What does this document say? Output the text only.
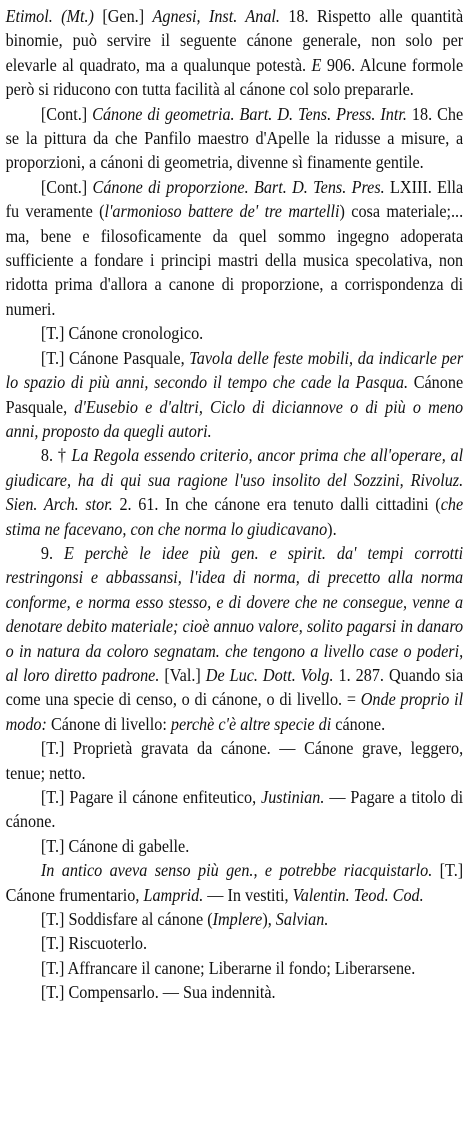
Etimol. (Mt.) [Gen.] Agnesi, Inst. Anal. 18. Rispetto alle quantità binomie, può servire il seguente cánone generale, non solo per elevarle al quadrato, ma a qualunque potestà. E 906. Alcune formole però si riducono con tutta facilità al cánone col solo prepararle.

[Cont.] Cánone di geometria. Bart. D. Tens. Press. Intr. 18. Che se la pittura da che Panfilo maestro d'Apelle la ridusse a misure, a proporzioni, a cánoni di geometria, divenne sì finamente gentile.

[Cont.] Cánone di proporzione. Bart. D. Tens. Pres. LXIII. Ella fu veramente (l'armonioso battere de' tre martelli) cosa materiale;... ma, bene e filosoficamente da quel sommo ingegno adoperata sufficiente a fondare i principi mastri della musica specolativa, non ridotta prima d'allora a canone di proporzione, a corrispondenza di numeri.

[T.] Cánone cronologico.

[T.] Cánone Pasquale, Tavola delle feste mobili, da indicarle per lo spazio di più anni, secondo il tempo che cade la Pasqua. Cánone Pasquale, d'Eusebio e d'altri, Ciclo di diciannove o di più o meno anni, proposto da quegli autori.

8. † La Regola essendo criterio, ancor prima che all'operare, al giudicare, ha di qui sua ragione l'uso insolito del Sozzini, Rivoluz. Sien. Arch. stor. 2. 61. In che cánone era tenuto dalli cittadini (che stima ne facevano, con che norma lo giudicavano).

9. E perchè le idee più gen. e spirit. da' tempi corrotti restringonsi e abbassansi, l'idea di norma, di precetto alla norma conforme, e norma esso stesso, e di dovere che ne consegue, venne a denotare debito materiale; cioè annuo valore, solito pagarsi in danaro o in natura da coloro segnatam. che tengono a livello case o poderi, al loro diretto padrone. [Val.] De Luc. Dott. Volg. 1. 287. Quando sia come una specie di censo, o di cánone, o di livello. = Onde proprio il modo: Cánone di livello: perchè c'è altre specie di cánone.

[T.] Proprietà gravata da cánone. — Cánone grave, leggero, tenue; netto.

[T.] Pagare il cánone enfiteutico, Justinian. — Pagare a titolo di cánone.

[T.] Cánone di gabelle.

In antico aveva senso più gen., e potrebbe riacquistarlo. [T.] Cánone frumentario, Lamprid. — In vestiti, Valentin. Teod. Cod.

[T.] Soddisfare al cánone (Implere), Salvian.

[T.] Riscuoterlo.

[T.] Affrancare il canone; Liberarne il fondo; Liberarsene.

[T.] Compensarlo. — Sua indennità.
